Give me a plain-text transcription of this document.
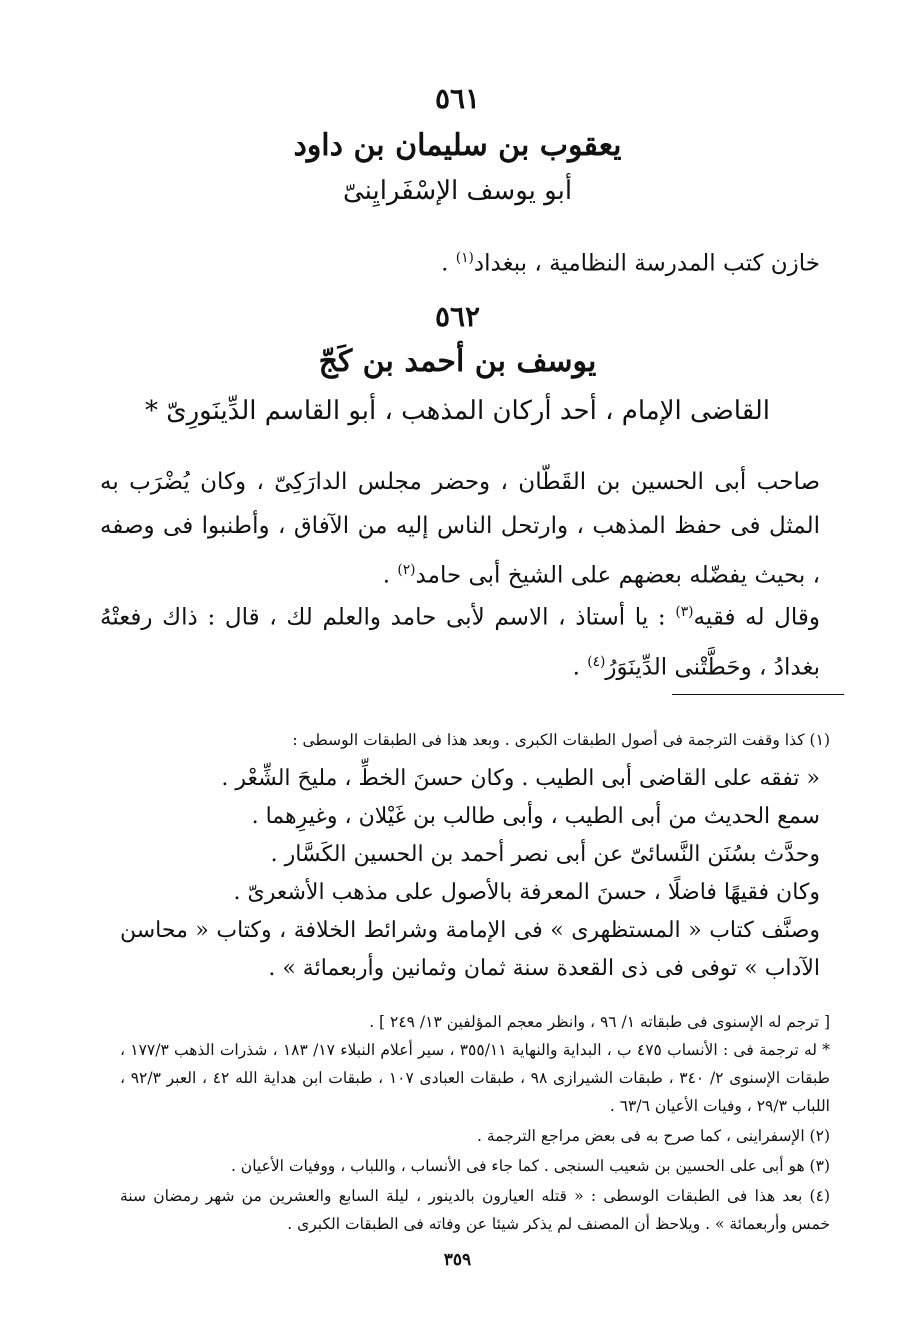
٥٦١
يعقوب بن سليمان بن داود
أبو يوسف الإسْفَرايِنىّ
خازن كتب المدرسة النظامية ، ببغداد$^{(١)}$ .
٥٦٢
يوسف بن أحمد بن كَجّ
القاضى الإمام ، أحد أركان المذهب ، أبو القاسم الدِّينَورِىّ *
صاحب أبى الحسين بن القَطّان ، وحضر مجلس الدارَكِىّ ، وكان يُضْرَب به المثل فى حفظ المذهب ، وارتحل الناس إليه من الآفاق ، وأطنبوا فى وصفه ، بحيث يفضّله بعضهم على الشيخ أبى حامد$^{(٢)}$ .
وقال له فقيه$^{(٣)}$ : يا أستاذ ، الاسم لأبى حامد والعلم لك ، قال : ذاك رفعتْهُ بغدادُ ، وحَطَّتْنى الدِّينَوَرُ$^{(٤)}$ .
(١) كذا وقفت الترجمة فى أصول الطبقات الكبرى . وبعد هذا فى الطبقات الوسطى :
« تفقه على القاضى أبى الطيب . وكان حسنَ الخطِّ ، مليحَ الشِّعْر .
سمع الحديث من أبى الطيب ، وأبى طالب بن غَيْلان ، وغيرِهما .
وحدَّث بسُنَن النَّسائىّ عن أبى نصر أحمد بن الحسين الكَسَّار .
وكان فقيهًا فاضلًا ، حسنَ المعرفة بالأصول على مذهب الأشعرىّ .
وصنَّف كتاب « المستظهرى » فى الإمامة وشرائط الخلافة ، وكتاب « محاسن الآداب » توفى فى ذى القعدة سنة ثمان وثمانين وأربعمائة » .
[ ترجم له الإسنوى فى طبقاته ١/ ٩٦ ، وانظر معجم المؤلفين ١٣/ ٢٤٩ ] .
* له ترجمة فى : الأنساب ٤٧٥ ب ، البداية والنهاية ٣٥٥/١١ ، سير أعلام النبلاء ١٧/ ١٨٣ ، شذرات الذهب ١٧٧/٣ ، طبقات الإسنوى ٢/ ٣٤٠ ، طبقات الشيرازى ٩٨ ، طبقات العبادى ١٠٧ ، طبقات ابن هداية الله ٤٢ ، العبر ٩٢/٣ ، اللباب ٢٩/٣ ، وفيات الأعيان ٦٣/٦ .
(٢) الإسفراينى ، كما صرح به فى بعض مراجع الترجمة .
(٣) هو أبى على الحسين بن شعيب السنجى . كما جاء فى الأنساب ، واللباب ، ووفيات الأعيان .
(٤) بعد هذا فى الطبقات الوسطى : « قتله العيارون بالدينور ، ليلة السابع والعشرين من شهر رمضان سنة خمس وأربعمائة » . ويلاحظ أن المصنف لم يذكر شيئا عن وفاته فى الطبقات الكبرى .
٣٥٩
